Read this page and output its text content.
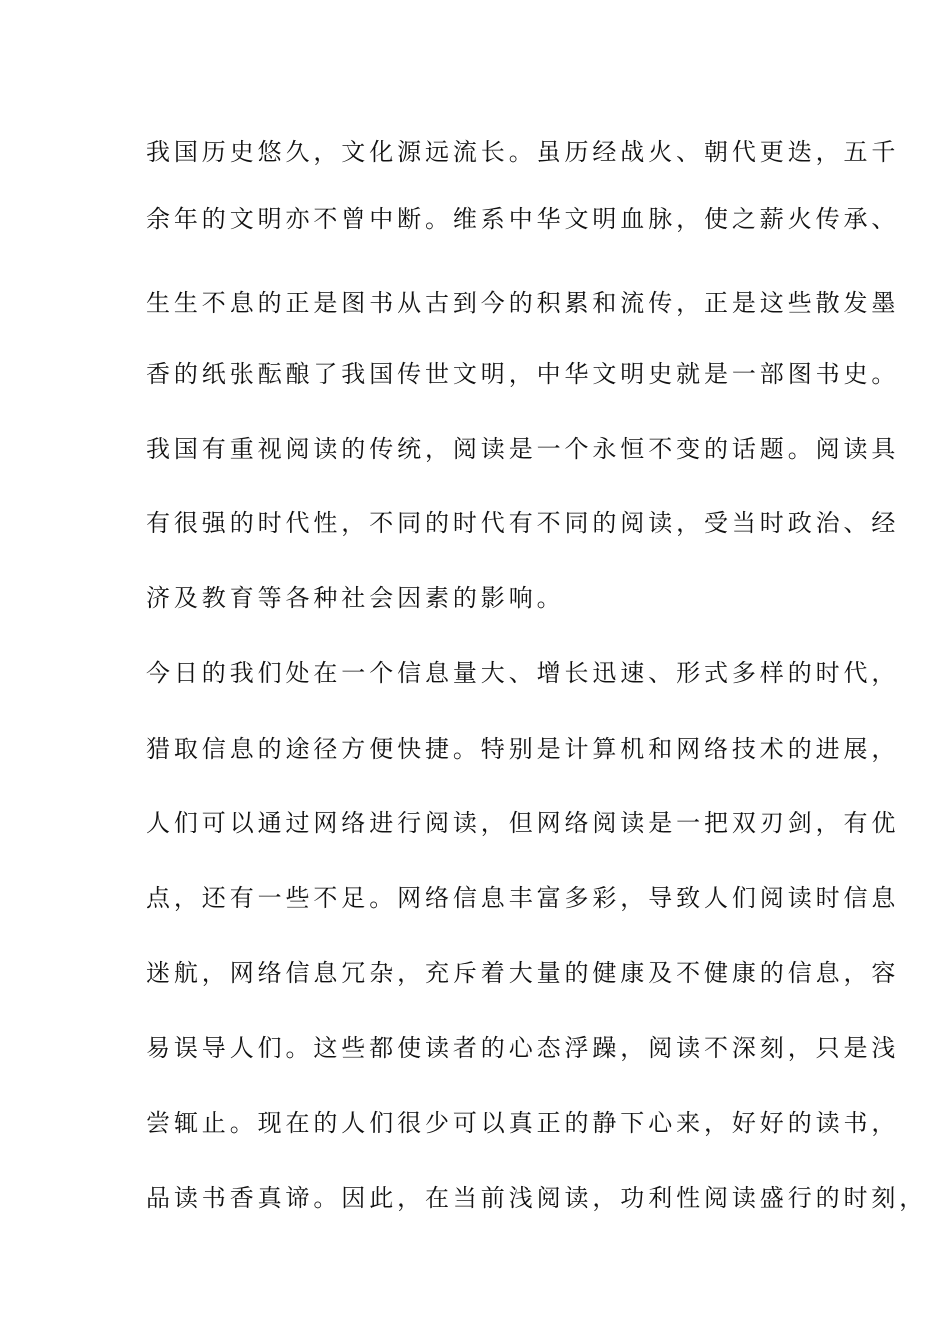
我国历史悠久，文化源远流长。虽历经战火、朝代更迭，五千
余年的文明亦不曾中断。维系中华文明血脉，使之薪火传承、
生生不息的正是图书从古到今的积累和流传，正是这些散发墨
香的纸张酝酿了我国传世文明，中华文明史就是一部图书史。
我国有重视阅读的传统，阅读是一个永恒不变的话题。阅读具
有很强的时代性，不同的时代有不同的阅读，受当时政治、经
济及教育等各种社会因素的影响。
今日的我们处在一个信息量大、增长迅速、形式多样的时代，
猎取信息的途径方便快捷。特别是计算机和网络技术的进展，
人们可以通过网络进行阅读，但网络阅读是一把双刃剑，有优
点，还有一些不足。网络信息丰富多彩，导致人们阅读时信息
迷航，网络信息冗杂，充斥着大量的健康及不健康的信息，容
易误导人们。这些都使读者的心态浮躁，阅读不深刻，只是浅
尝辄止。现在的人们很少可以真正的静下心来，好好的读书，
品读书香真谛。因此，在当前浅阅读，功利性阅读盛行的时刻，
